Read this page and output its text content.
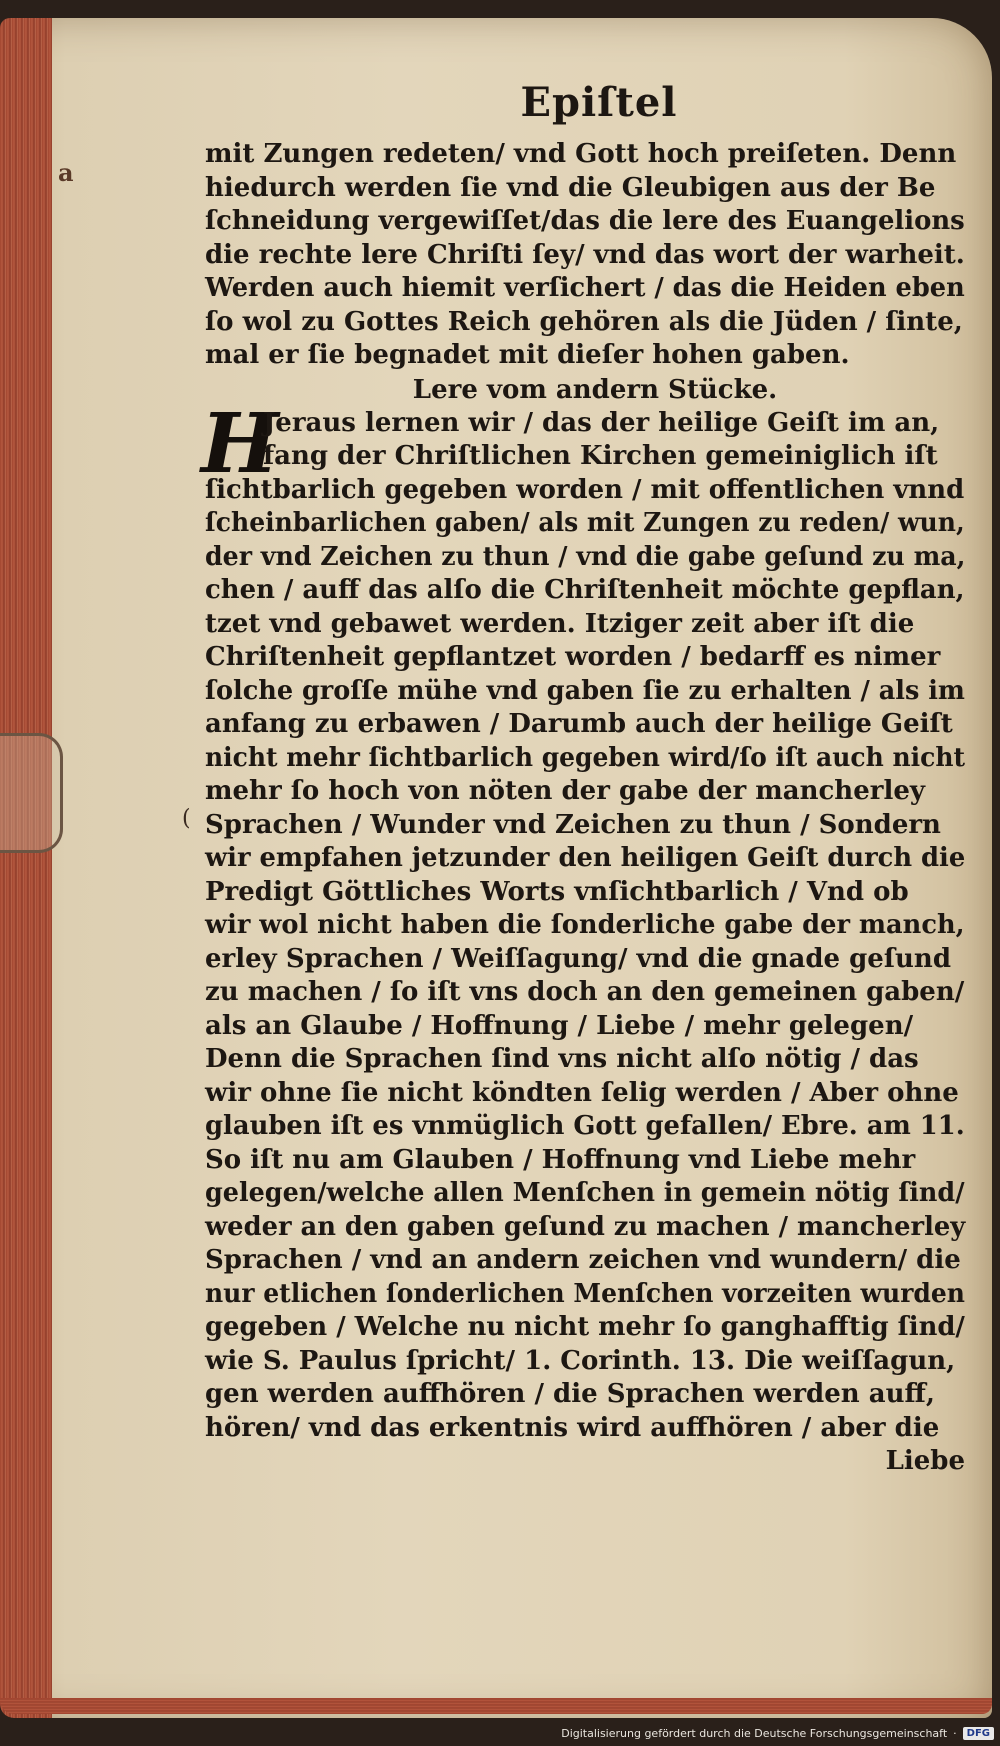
a
(
Epiſtel
mit Zungen redeten/ vnd Gott hoch preiſeten. Denn
hiedurch werden ſie vnd die Gleubigen aus der Be
ſchneidung vergewiſſet/das die lere des Euangelions
die rechte lere Chriſti ſey/ vnd das wort der warheit.
Werden auch hiemit verſichert / das die Heiden eben
ſo wol zu Gottes Reich gehören als die Jüden / ſinte,
mal er ſie begnadet mit dieſer hohen gaben.
Lere vom andern Stücke.
H
Jeraus lernen wir / das der heilige Geiſt im an,
fang der Chriſtlichen Kirchen gemeiniglich iſt
ſichtbarlich gegeben worden / mit offentlichen vnnd
ſcheinbarlichen gaben/ als mit Zungen zu reden/ wun,
der vnd Zeichen zu thun / vnd die gabe geſund zu ma,
chen / auff das alſo die Chriſtenheit möchte gepflan,
tzet vnd gebawet werden. Itziger zeit aber iſt die
Chriſtenheit gepflantzet worden / bedarff es nimer
ſolche groſſe mühe vnd gaben ſie zu erhalten / als im
anfang zu erbawen / Darumb auch der heilige Geiſt
nicht mehr ſichtbarlich gegeben wird/ſo iſt auch nicht
mehr ſo hoch von nöten der gabe der mancherley
Sprachen / Wunder vnd Zeichen zu thun / Sondern
wir empfahen jetzunder den heiligen Geiſt durch die
Predigt Göttliches Worts vnſichtbarlich / Vnd ob
wir wol nicht haben die ſonderliche gabe der manch,
erley Sprachen / Weiſſagung/ vnd die gnade geſund
zu machen / ſo iſt vns doch an den gemeinen gaben/
als an Glaube / Hoffnung / Liebe / mehr gelegen/
Denn die Sprachen ſind vns nicht alſo nötig / das
wir ohne ſie nicht köndten ſelig werden / Aber ohne
glauben iſt es vnmüglich Gott gefallen/ Ebre. am 11.
So iſt nu am Glauben / Hoffnung vnd Liebe mehr
gelegen/welche allen Menſchen in gemein nötig ſind/
weder an den gaben geſund zu machen / mancherley
Sprachen / vnd an andern zeichen vnd wundern/ die
nur etlichen ſonderlichen Menſchen vorzeiten wurden
gegeben / Welche nu nicht mehr ſo ganghafftig ſind/
wie S. Paulus ſpricht/ 1. Corinth. 13. Die weiſſagun,
gen werden auffhören / die Sprachen werden auff,
hören/ vnd das erkentnis wird auffhören / aber die
Liebe
Digitalisierung gefördert durch die Deutsche Forschungsgemeinschaft ·	DFG
